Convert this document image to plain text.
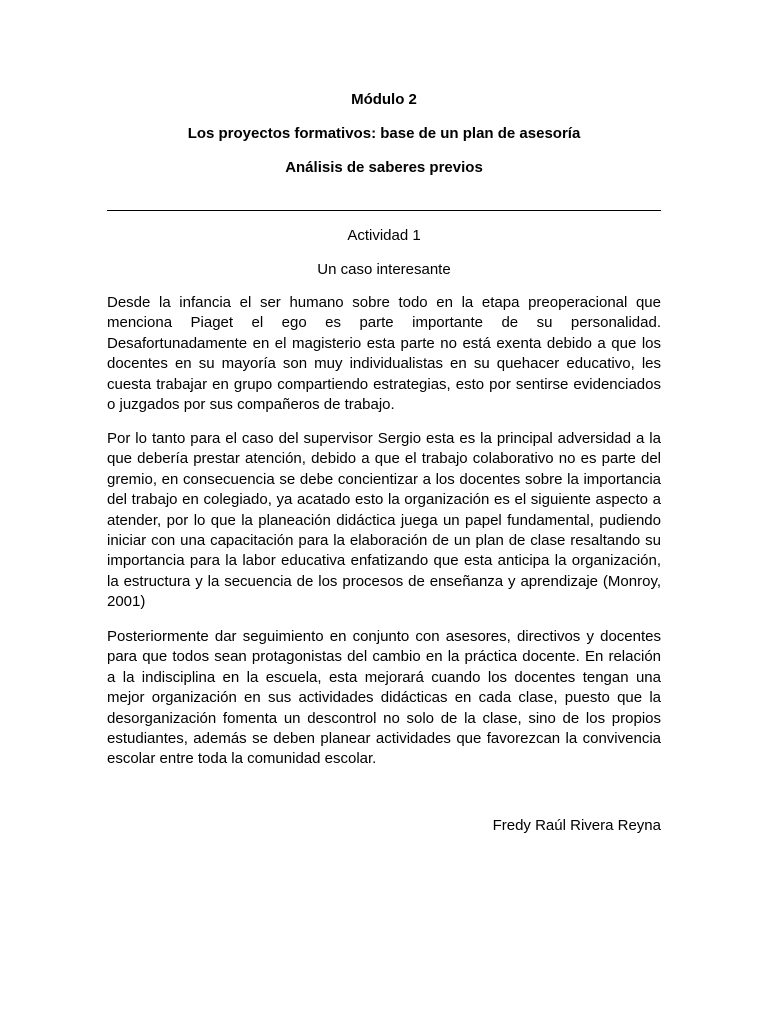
Módulo 2
Los proyectos formativos: base de un plan de asesoría
Análisis de saberes previos

Actividad 1

Un caso interesante

Desde la infancia el ser humano sobre todo en la etapa preoperacional que menciona Piaget el ego es parte importante de su personalidad. Desafortunadamente en el magisterio esta parte no está exenta debido a que los docentes en su mayoría son muy individualistas en su quehacer educativo, les cuesta trabajar en grupo compartiendo estrategias, esto por sentirse evidenciados o juzgados por sus compañeros de trabajo.

Por lo tanto para el caso del supervisor Sergio esta es la principal adversidad a la que debería prestar atención, debido a que el trabajo colaborativo no es parte del gremio, en consecuencia se debe concientizar a los docentes sobre la importancia del trabajo en colegiado, ya acatado esto la organización es el siguiente aspecto a atender, por lo que la planeación didáctica juega un papel fundamental, pudiendo iniciar con una capacitación para la elaboración de un plan de clase resaltando su importancia para la labor educativa enfatizando que esta anticipa la organización, la estructura y la secuencia de los procesos de enseñanza y aprendizaje (Monroy, 2001)

Posteriormente dar seguimiento en conjunto con asesores, directivos y docentes para que todos sean protagonistas del cambio en la práctica docente. En relación a la indisciplina en la escuela, esta mejorará cuando los docentes tengan una mejor organización en sus actividades didácticas en cada clase, puesto que la desorganización fomenta un descontrol no solo de la clase, sino de los propios estudiantes, además se deben planear actividades que favorezcan la convivencia escolar entre toda la comunidad escolar.

Fredy Raúl Rivera Reyna
